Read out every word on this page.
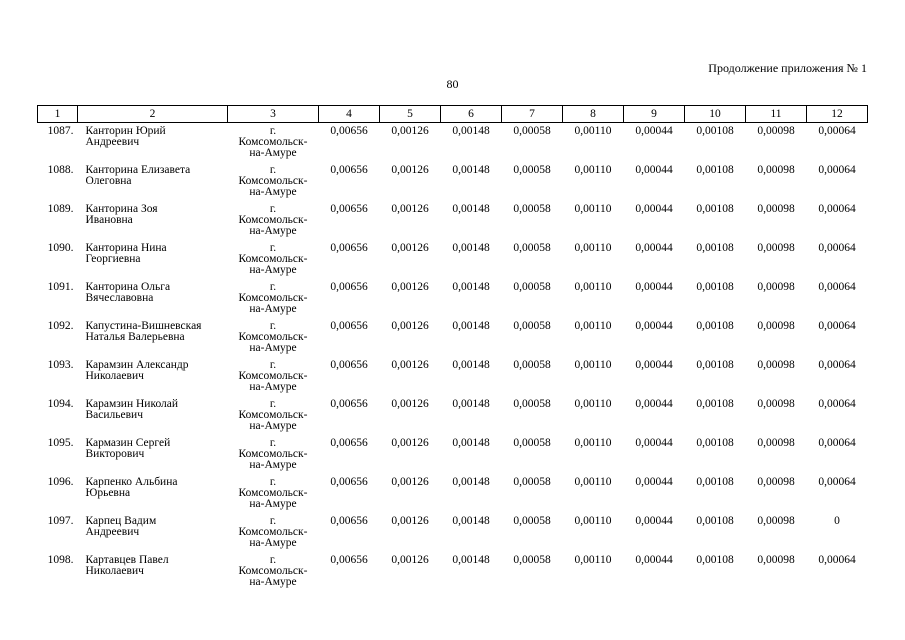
Продолжение приложения № 1
80
1	2	3	4	5	6	7	8	9	10	11	12
1087.	Канторин Юрий
Андреевич	г.
Комсомольск-
на-Амуре	0,00656	0,00126	0,00148	0,00058	0,00110	0,00044	0,00108	0,00098	0,00064
1088.	Канторина Елизавета
Олеговна	г.
Комсомольск-
на-Амуре	0,00656	0,00126	0,00148	0,00058	0,00110	0,00044	0,00108	0,00098	0,00064
1089.	Канторина Зоя
Ивановна	г.
Комсомольск-
на-Амуре	0,00656	0,00126	0,00148	0,00058	0,00110	0,00044	0,00108	0,00098	0,00064
1090.	Канторина Нина
Георгиевна	г.
Комсомольск-
на-Амуре	0,00656	0,00126	0,00148	0,00058	0,00110	0,00044	0,00108	0,00098	0,00064
1091.	Канторина Ольга
Вячеславовна	г.
Комсомольск-
на-Амуре	0,00656	0,00126	0,00148	0,00058	0,00110	0,00044	0,00108	0,00098	0,00064
1092.	Капустина-Вишневская
Наталья Валерьевна	г.
Комсомольск-
на-Амуре	0,00656	0,00126	0,00148	0,00058	0,00110	0,00044	0,00108	0,00098	0,00064
1093.	Карамзин Александр
Николаевич	г.
Комсомольск-
на-Амуре	0,00656	0,00126	0,00148	0,00058	0,00110	0,00044	0,00108	0,00098	0,00064
1094.	Карамзин Николай
Васильевич	г.
Комсомольск-
на-Амуре	0,00656	0,00126	0,00148	0,00058	0,00110	0,00044	0,00108	0,00098	0,00064
1095.	Кармазин Сергей
Викторович	г.
Комсомольск-
на-Амуре	0,00656	0,00126	0,00148	0,00058	0,00110	0,00044	0,00108	0,00098	0,00064
1096.	Карпенко Альбина
Юрьевна	г.
Комсомольск-
на-Амуре	0,00656	0,00126	0,00148	0,00058	0,00110	0,00044	0,00108	0,00098	0,00064
1097.	Карпец Вадим
Андреевич	г.
Комсомольск-
на-Амуре	0,00656	0,00126	0,00148	0,00058	0,00110	0,00044	0,00108	0,00098	0
1098.	Картавцев Павел
Николаевич	г.
Комсомольск-
на-Амуре	0,00656	0,00126	0,00148	0,00058	0,00110	0,00044	0,00108	0,00098	0,00064
